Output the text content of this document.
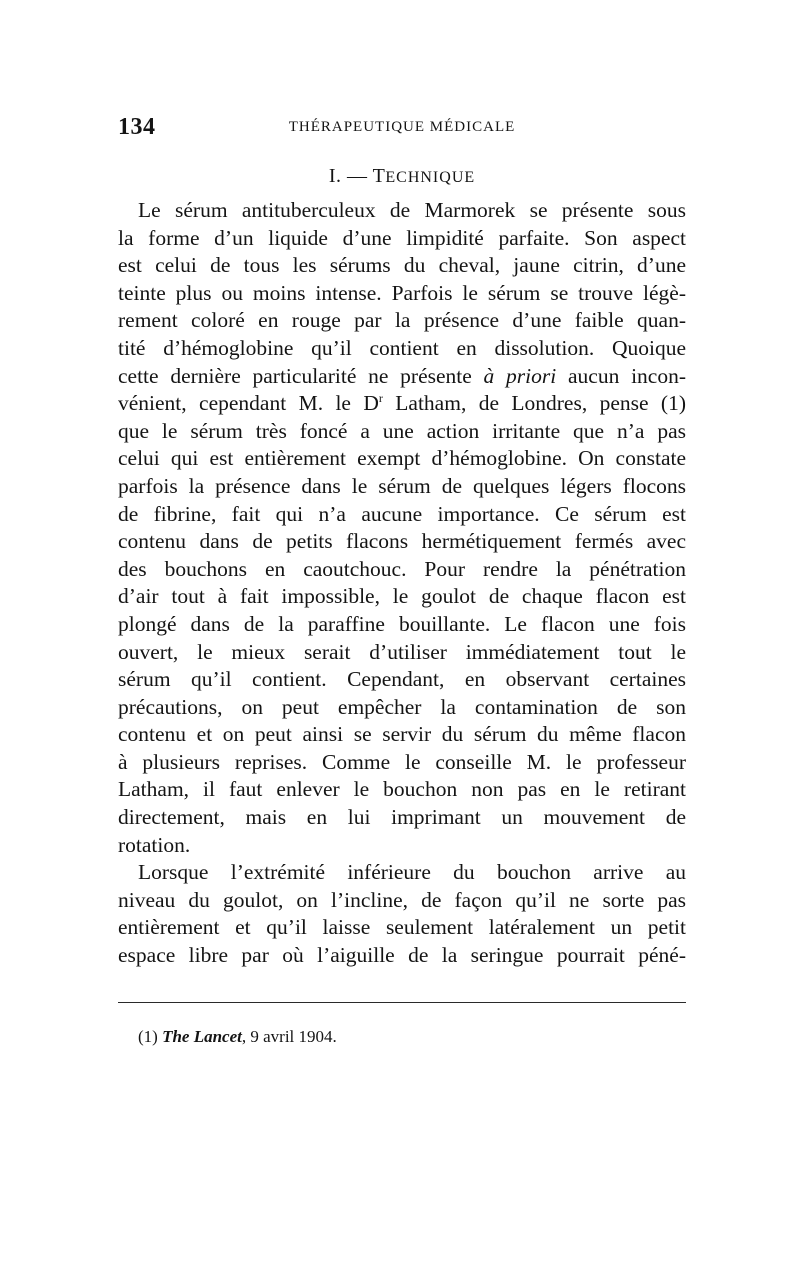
134	THÉRAPEUTIQUE MÉDICALE
I. — TECHNIQUE
Le sérum antituberculeux de Marmorek se présente sous
la forme d’un liquide d’une limpidité parfaite. Son aspect
est celui de tous les sérums du cheval, jaune citrin, d’une
teinte plus ou moins intense. Parfois le sérum se trouve légè-
rement coloré en rouge par la présence d’une faible quan-
tité d’hémoglobine qu’il contient en dissolution. Quoique
cette dernière particularité ne présente à priori aucun incon-
vénient, cependant M. le $D^r$ Latham, de Londres, pense (1)
que le sérum très foncé a une action irritante que n’a pas
celui qui est entièrement exempt d’hémoglobine. On constate
parfois la présence dans le sérum de quelques légers flocons
de fibrine, fait qui n’a aucune importance. Ce sérum est
contenu dans de petits flacons hermétiquement fermés avec
des bouchons en caoutchouc. Pour rendre la pénétration
d’air tout à fait impossible, le goulot de chaque flacon est
plongé dans de la paraffine bouillante. Le flacon une fois
ouvert, le mieux serait d’utiliser immédiatement tout le
sérum qu’il contient. Cependant, en observant certaines
précautions, on peut empêcher la contamination de son
contenu et on peut ainsi se servir du sérum du même flacon
à plusieurs reprises. Comme le conseille M. le professeur
Latham, il faut enlever le bouchon non pas en le retirant
directement, mais en lui imprimant un mouvement de
rotation.
Lorsque l’extrémité inférieure du bouchon arrive au
niveau du goulot, on l’incline, de façon qu’il ne sorte pas
entièrement et qu’il laisse seulement latéralement un petit
espace libre par où l’aiguille de la seringue pourrait péné-
(1) The Lancet, 9 avril 1904.
